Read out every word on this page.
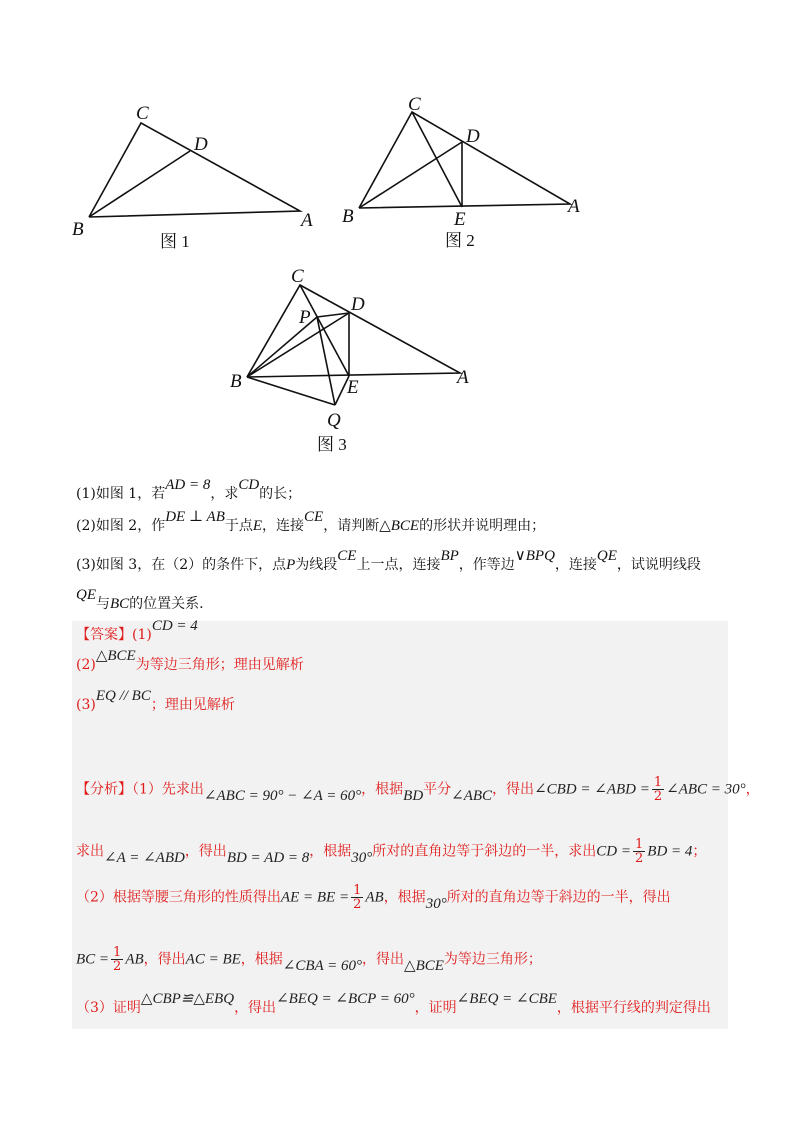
C
D
B	A
图 1
C
D
B	E
A
图 2
C
P
D
B	E	A
Q
图 3
(1)如图 1，若AD = 8，求CD的长；
(2)如图 2，作DE ⊥ AB于点E，连接CE，请判断△BCE的形状并说明理由；
(3)如图 3，在（2）的条件下，点P为线段CE上一点，连接BP，作等边∨BPQ，连接QE，试说明线段
QE与BC的位置关系.
【答案】(1)CD = 4
(2)△BCE为等边三角形；理由见解析
(3)EQ // BC；理由见解析
【分析】（1）先求出∠ABC = 90° − ∠A = 60°，根据BD平分∠ABC，得出∠CBD = ∠ABD = $\frac{1}{2}$ ∠ABC = 30°，
求出∠A = ∠ABD，得出BD = AD = 8，根据30°所对的直角边等于斜边的一半，求出CD = $\frac{1}{2}$ BD = 4；
（2）根据等腰三角形的性质得出AE = BE = $\frac{1}{2}$ AB，根据30°所对的直角边等于斜边的一半，得出
BC = $\frac{1}{2}$ AB，得出AC = BE，根据∠CBA = 60°，得出△BCE为等边三角形；
（3）证明△CBP≌△EBQ，得出∠BEQ = ∠BCP = 60°，证明∠BEQ = ∠CBE，根据平行线的判定得出
